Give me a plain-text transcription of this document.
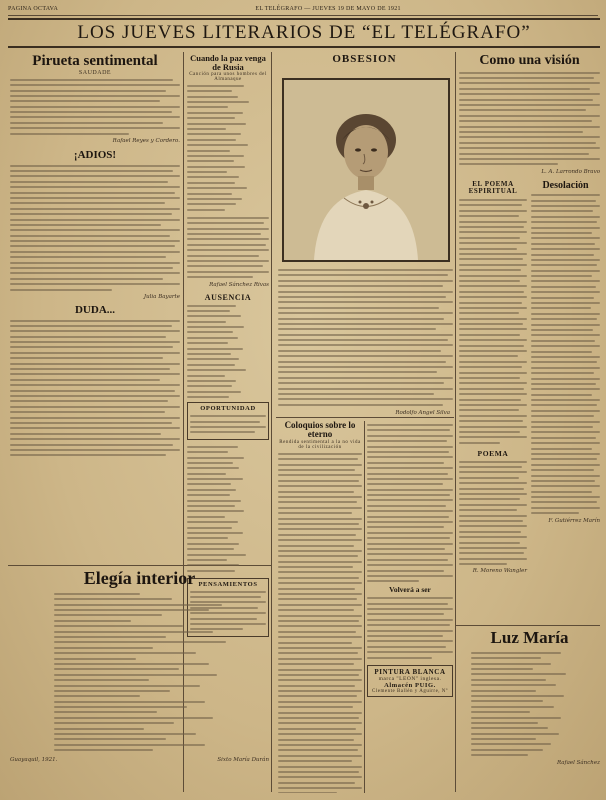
PAGINA OCTAVA	EL TELÉGRAFO — JUEVES 19 DE MAYO DE 1921
LOS JUEVES LITERARIOS DE “EL TELÉGRAFO”
Pirueta sentimental
SAUDADE
Rafael Reyes y Cordero.
¡ADIOS!
Julia Bayarte
DUDA...
Cuando la paz venga de Rusia
Canción para unos hombres del Almanaque
Rafael Sánchez Rivas
AUSENCIA
OPORTUNIDAD
PENSAMIENTOS
OBSESION
Rodolfo Angel Silva
Coloquios sobre lo eterno
Rendida sentimental a la no vida de la civilización
Volverá a ser
PINTURA BLANCA
marca "LEON" inglesa.
Almacén PUIG.
Clemente Ballén y Aguirre, Nº
Elegía interior
Guayaquil, 1921.	Sixto María Durán
Como una visión
L. A. Larrondo Bravo
EL POEMA ESPIRITUAL
POEMA
R. Moreno Wangler
Desolación
F. Gutiérrez Marín
Luz María
Rafael Sánchez
